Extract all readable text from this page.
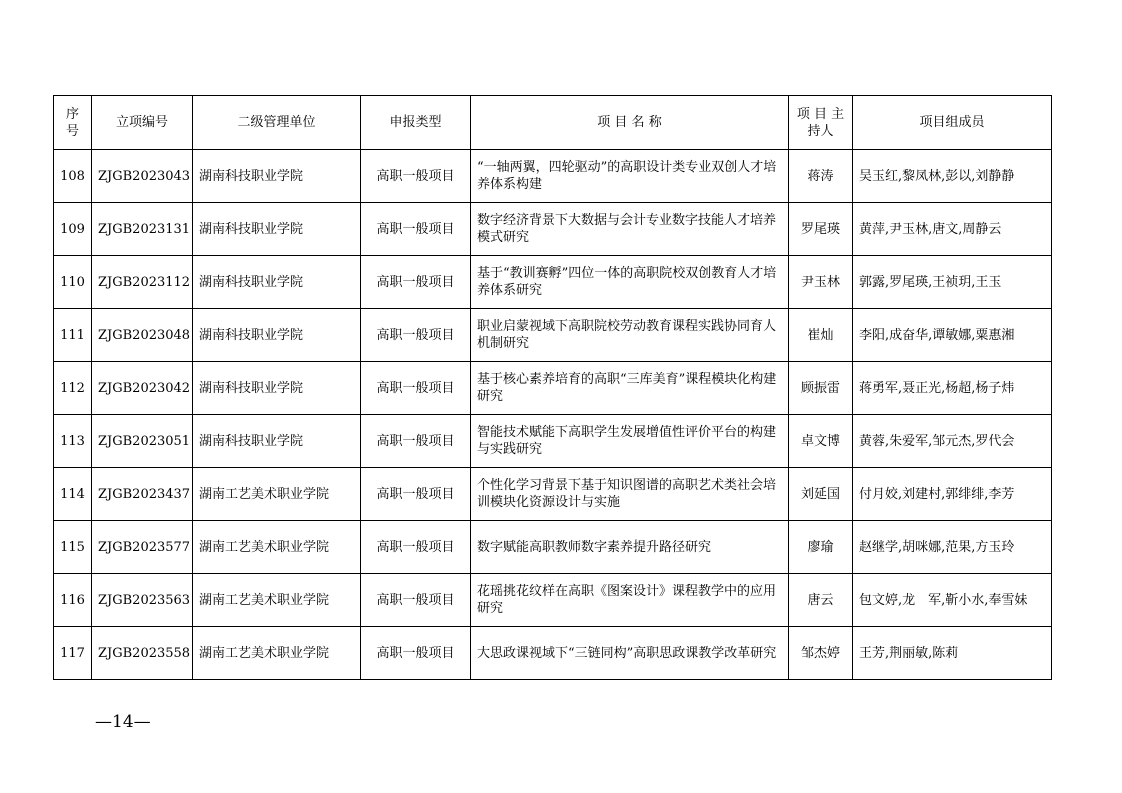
序号	立项编号	二级管理单位	申报类型	项 目 名 称	项 目 主持人	项目组成员
108	ZJGB2023043	湖南科技职业学院	高职一般项目	“一轴两翼，四轮驱动”的高职设计类专业双创人才培养体系构建	蒋涛	吴玉红,黎凤林,彭以,刘静静
109	ZJGB2023131	湖南科技职业学院	高职一般项目	数字经济背景下大数据与会计专业数字技能人才培养模式研究	罗尾瑛	黄萍,尹玉林,唐文,周静云
110	ZJGB2023112	湖南科技职业学院	高职一般项目	基于“教训赛孵”四位一体的高职院校双创教育人才培养体系研究	尹玉林	郭露,罗尾瑛,王祯玥,王玉
111	ZJGB2023048	湖南科技职业学院	高职一般项目	职业启蒙视域下高职院校劳动教育课程实践协同育人机制研究	崔灿	李阳,成奋华,谭敏娜,粟惠湘
112	ZJGB2023042	湖南科技职业学院	高职一般项目	基于核心素养培育的高职“三库美育”课程模块化构建研究	顾振雷	蒋勇军,聂正光,杨超,杨子炜
113	ZJGB2023051	湖南科技职业学院	高职一般项目	智能技术赋能下高职学生发展增值性评价平台的构建与实践研究	卓文博	黄蓉,朱爱军,邹元杰,罗代会
114	ZJGB2023437	湖南工艺美术职业学院	高职一般项目	个性化学习背景下基于知识图谱的高职艺术类社会培训模块化资源设计与实施	刘延国	付月姣,刘建村,郭绯绯,李芳
115	ZJGB2023577	湖南工艺美术职业学院	高职一般项目	数字赋能高职教师数字素养提升路径研究	廖瑜	赵继学,胡咪娜,范果,方玉玲
116	ZJGB2023563	湖南工艺美术职业学院	高职一般项目	花瑶挑花纹样在高职《图案设计》课程教学中的应用研究	唐云	包文婷,龙　军,靳小水,奉雪妹
117	ZJGB2023558	湖南工艺美术职业学院	高职一般项目	大思政课视域下“三链同构”高职思政课教学改革研究	邹杰婷	王芳,荆丽敏,陈莉
—14—
